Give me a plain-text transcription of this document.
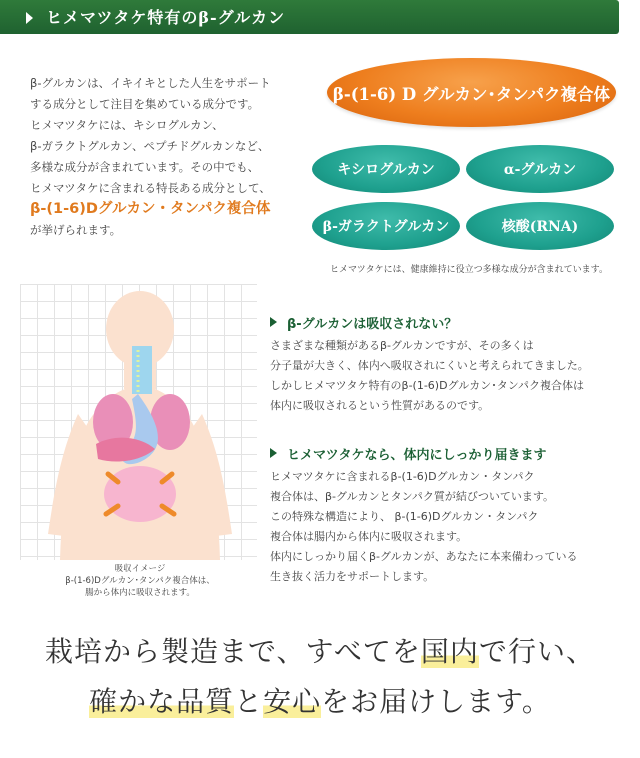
ヒメマツタケ特有のβ-グルカン
β-グルカンは、イキイキとした人生をサポート
する成分として注目を集めている成分です。
ヒメマツタケには、キシログルカン、
β-ガラクトグルカン、ペプチドグルカンなど、
多様な成分が含まれています。その中でも、
ヒメマツタケに含まれる特長ある成分として、
β-(1-6)Dグルカン・タンパク複合体
が挙げられます。
β-(1-6) D グルカン･タンパク複合体
キシログルカン	α-グルカン
β-ガラクトグルカン	核酸(RNA)
ヒメマツタケには、健康維持に役立つ多様な成分が含まれています。
吸収イメージ
β-(1-6)Dグルカン･タンパク複合体は、
腸から体内に吸収されます。
β-グルカンは吸収されない？
さまざまな種類があるβ-グルカンですが、その多くは
分子量が大きく、体内へ吸収されにくいと考えられてきました。
しかしヒメマツタケ特有のβ-(1-6)Dグルカン･タンパク複合体は
体内に吸収されるという性質があるのです。
ヒメマツタケなら、体内にしっかり届きます
ヒメマツタケに含まれるβ-(1-6)Dグルカン・タンパク
複合体は、β-グルカンとタンパク質が結びついています。
この特殊な構造により、 β-(1-6)Dグルカン・タンパク
複合体は腸内から体内に吸収されます。
体内にしっかり届くβ-グルカンが、あなたに本来備わっている
生き抜く活力をサポートします。
栽培から製造まで、すべてを国内で行い、
確かな品質と安心をお届けします。
